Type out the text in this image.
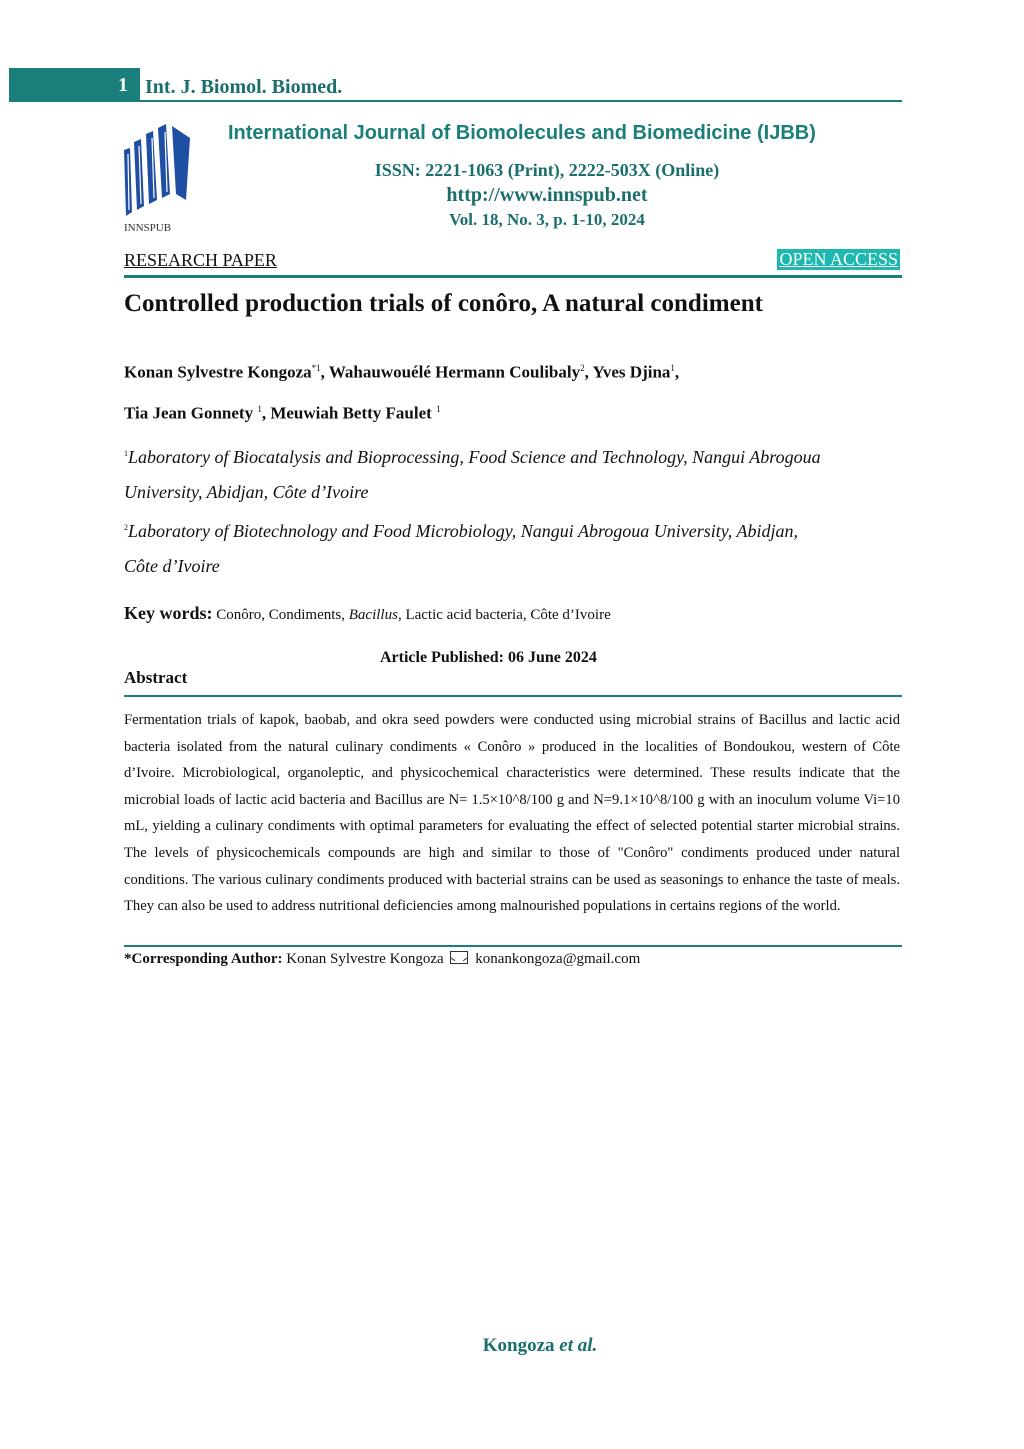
1 Int. J. Biomol. Biomed.
INNSPUB
International Journal of Biomolecules and Biomedicine (IJBB)
ISSN: 2221-1063 (Print), 2222-503X (Online)
http://www.innspub.net
Vol. 18, No. 3, p. 1-10, 2024
RESEARCH PAPER	OPEN ACCESS
Controlled production trials of conôro, A natural condiment
Konan Sylvestre Kongoza$^{*1}$, Wahauwouélé Hermann Coulibaly$^2$, Yves Djina$^1$,
Tia Jean Gonnety $^1$, Meuwiah Betty Faulet $^1$
$^1$Laboratory of Biocatalysis and Bioprocessing, Food Science and Technology, Nangui Abrogoua
University, Abidjan, Côte d’Ivoire
$^2$Laboratory of Biotechnology and Food Microbiology, Nangui Abrogoua University, Abidjan,
Côte d’Ivoire
Key words: Conôro, Condiments, Bacillus, Lactic acid bacteria, Côte d’Ivoire
Article Published: 06 June 2024
Abstract
Fermentation trials of kapok, baobab, and okra seed powders were conducted using microbial strains of Bacillus and lactic acid bacteria isolated from the natural culinary condiments « Conôro » produced in the localities of Bondoukou, western of Côte d’Ivoire. Microbiological, organoleptic, and physicochemical characteristics were determined. These results indicate that the microbial loads of lactic acid bacteria and Bacillus are N= 1.5×10^8/100 g and N=9.1×10^8/100 g with an inoculum volume Vi=10 mL, yielding a culinary condiments with optimal parameters for evaluating the effect of selected potential starter microbial strains. The levels of physicochemicals compounds are high and similar to those of "Conôro" condiments produced under natural conditions. The various culinary condiments produced with bacterial strains can be used as seasonings to enhance the taste of meals. They can also be used to address nutritional deficiencies among malnourished populations in certains regions of the world.
*Corresponding Author: Konan Sylvestre Kongoza konankongoza@gmail.com
Kongoza et al.
